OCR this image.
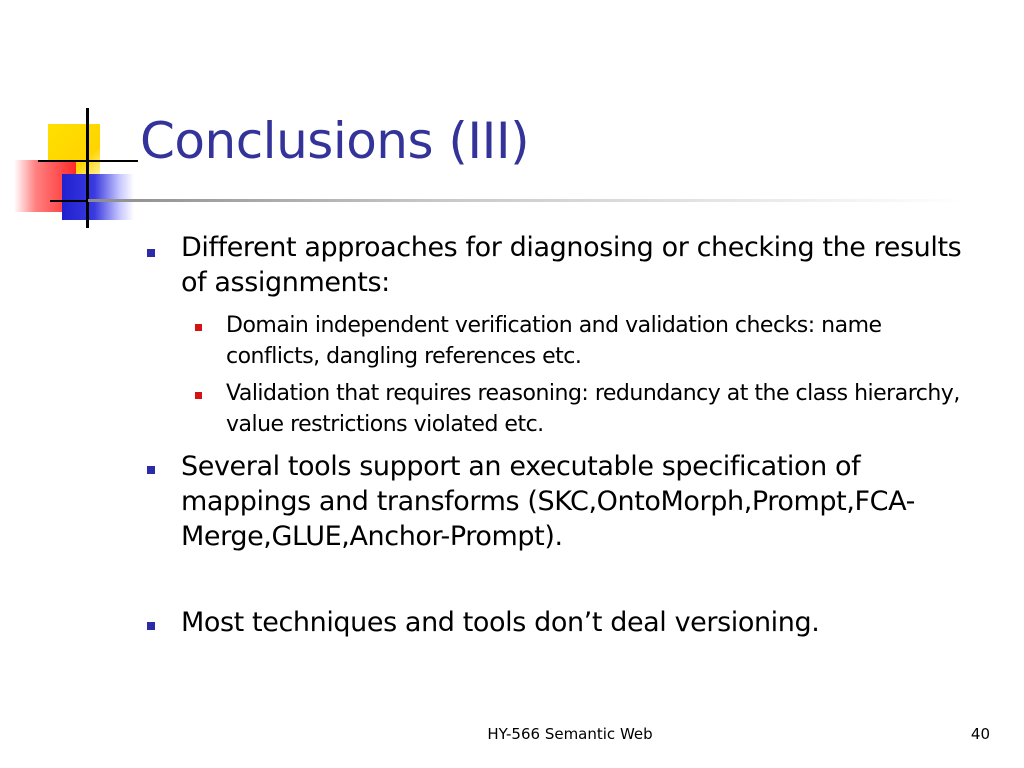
Conclusions (III)
Different approaches for diagnosing or checking the results of assignments:
Domain independent verification and validation checks: name conflicts, dangling references etc.
Validation that requires reasoning: redundancy at the class hierarchy, value restrictions violated etc.
Several tools support an executable specification of mappings and transforms (SKC,OntoMorph,Prompt,FCA-Merge,GLUE,Anchor-Prompt).
Most techniques and tools don’t deal versioning.
HY-566 Semantic Web	40
